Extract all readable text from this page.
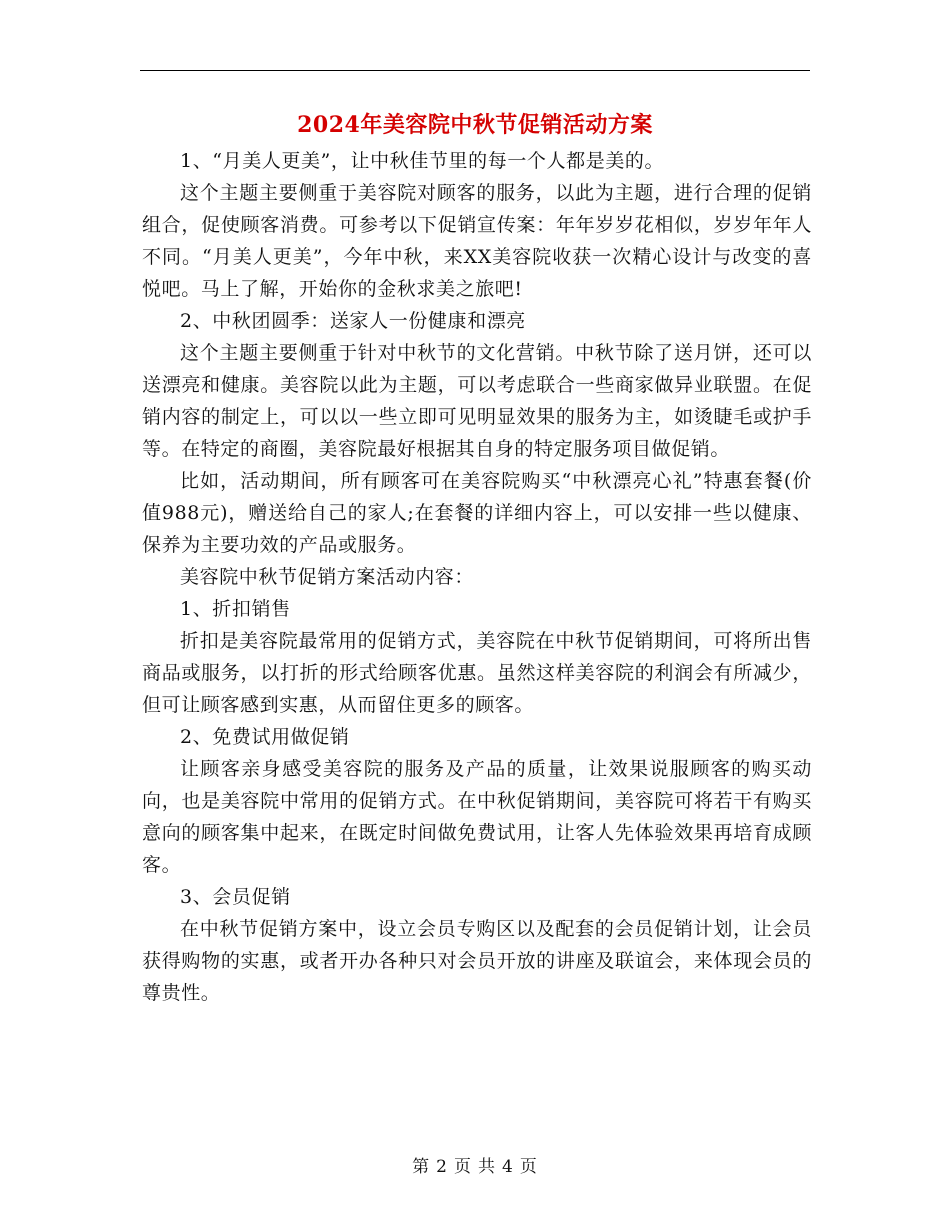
2024年美容院中秋节促销活动方案

1、“月美人更美”，让中秋佳节里的每一个人都是美的。

这个主题主要侧重于美容院对顾客的服务，以此为主题，进行合理的促销组合，促使顾客消费。可参考以下促销宣传案：年年岁岁花相似，岁岁年年人不同。“月美人更美”，今年中秋，来XX美容院收获一次精心设计与改变的喜悦吧。马上了解，开始你的金秋求美之旅吧!

2、中秋团圆季：送家人一份健康和漂亮

这个主题主要侧重于针对中秋节的文化营销。中秋节除了送月饼，还可以送漂亮和健康。美容院以此为主题，可以考虑联合一些商家做异业联盟。在促销内容的制定上，可以以一些立即可见明显效果的服务为主，如烫睫毛或护手等。在特定的商圈，美容院最好根据其自身的特定服务项目做促销。

比如，活动期间，所有顾客可在美容院购买“中秋漂亮心礼”特惠套餐(价值988元)，赠送给自己的家人;在套餐的详细内容上，可以安排一些以健康、保养为主要功效的产品或服务。

美容院中秋节促销方案活动内容：

1、折扣销售

折扣是美容院最常用的促销方式，美容院在中秋节促销期间，可将所出售商品或服务，以打折的形式给顾客优惠。虽然这样美容院的利润会有所减少，但可让顾客感到实惠，从而留住更多的顾客。

2、免费试用做促销

让顾客亲身感受美容院的服务及产品的质量，让效果说服顾客的购买动向，也是美容院中常用的促销方式。在中秋促销期间，美容院可将若干有购买意向的顾客集中起来，在既定时间做免费试用，让客人先体验效果再培育成顾客。

3、会员促销

在中秋节促销方案中，设立会员专购区以及配套的会员促销计划，让会员获得购物的实惠，或者开办各种只对会员开放的讲座及联谊会，来体现会员的尊贵性。

第 2 页 共 4 页
